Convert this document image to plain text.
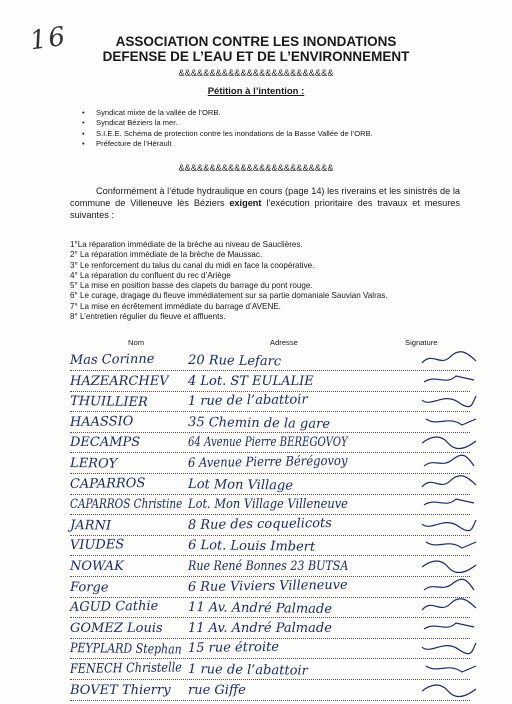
16	ASSOCIATION CONTRE LES INONDATIONS
DEFENSE DE L’EAU ET DE L’ENVIRONNEMENT
&&&&&&&&&&&&&&&&&&&&&&&&&
Pétition à l’intention :
• Syndicat mixte de la vallée de l’ORB.
• Syndicat Béziers la mer.
• S.I.E.E. Schéma de protection contre les inondations de la Basse Vallée de l’ORB.
• Préfecture de l’Hérault
&&&&&&&&&&&&&&&&&&&&&&&&&
Conformément à l’étude hydraulique en cours (page 14) les riverains et les sinistrés de la commune de Villeneuve lès Béziers exigent l’exécution prioritaire des travaux et mesures suivantes :
1°La réparation immédiate de la brèche au niveau de Sauclières.
2° La réparation immédiate de la brèche de Maussac.
3° Le renforcement du talus du canal du midi en face la coopérative.
4° La réparation du confluent du rec d’Ariège
5° La mise en position basse des clapets du barrage du pont rouge.
6° Le curage, dragage du fleuve immédiatement sur sa partie domaniale Sauvian Valras.
7° La mise en écrêtement immédiate du barrage d’AVENE.
8° L’entretien régulier du fleuve et affluents.
Nom	Adresse	Signature
Mas Corinne	20 Rue Lefarc
HAZEARCHEV 4 Lot. ST EULALIE
THUILLIER	1 rue de l’abattoir
HAASSIO	35 Chemin de la gare
DECAMPS	64 Avenue Pierre BEREGOVOY
LEROY	6 Avenue Pierre Bérégovoy
CAPARROS	Lot Mon Village
CAPARROS Christine Lot. Mon Village Villeneuve
JARNI	8 Rue des coquelicots
VIUDES	6 Lot. Louis Imbert
NOWAK	Rue René Bonnes 23 BUTSA
Forge	6 Rue Viviers Villeneuve
AGUD Cathie 11 Av. André Palmade
GOMEZ Louis 11 Av. André Palmade
PEYPLARD Stephan 15 rue étroite
FENECH Christelle 1 rue de l’abattoir
BOVET Thierry rue Giffe
